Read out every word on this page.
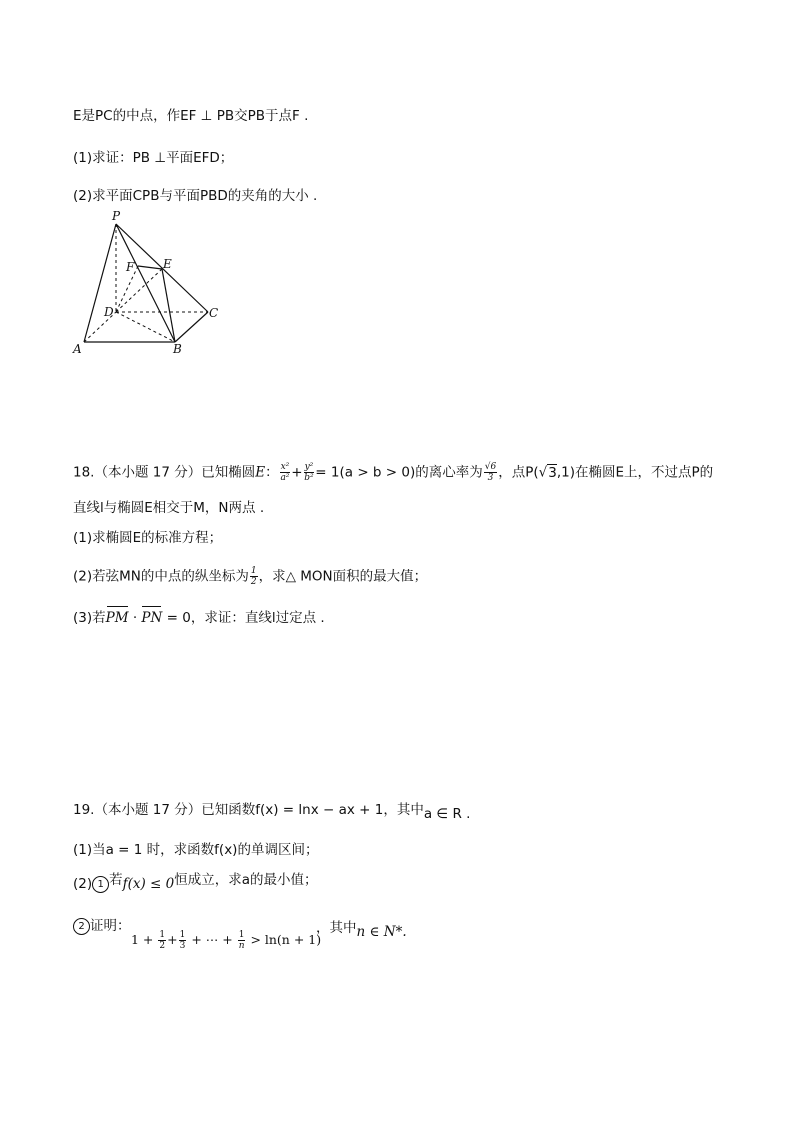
E是PC的中点，作EF ⊥ PB交PB于点F .
(1)求证：PB ⊥平面EFD；
(2)求平面CPB与平面PBD的夹角的大小 .
P
F E
D	C
A	B
18.（本小题 17 分）已知椭圆E： $\frac{\text{x²}}{\text{a²}} + \frac{\text{y²}}{\text{b²}} = 1(a > b > 0)$的离心率为 $\frac{√6}{3}$ ，点P(√3,1)在椭圆E上，不过点P的
直线l与椭圆E相交于M，N两点 .
(1)求椭圆E的标准方程；
(2)若弦MN的中点的纵坐标为 $\frac{1}{2}$ ，求△ MON面积的最大值；
(3)若PM · PN = 0，求证：直线l过定点 .
19.（本小题 17 分）已知函数f(x) = lnx − ax + 1，其中a ∈ R .
(1)当a = 1 时，求函数f(x)的单调区间；
(2) 1 若f(x) ≤ 0恒成立，求a的最小值；
2 证明：
$1 + \frac{1}{2} + \frac{1}{3}$ + ⋯ + $\frac{1}{n} > \ln(n + 1)$
，其中n ∈ N*.
